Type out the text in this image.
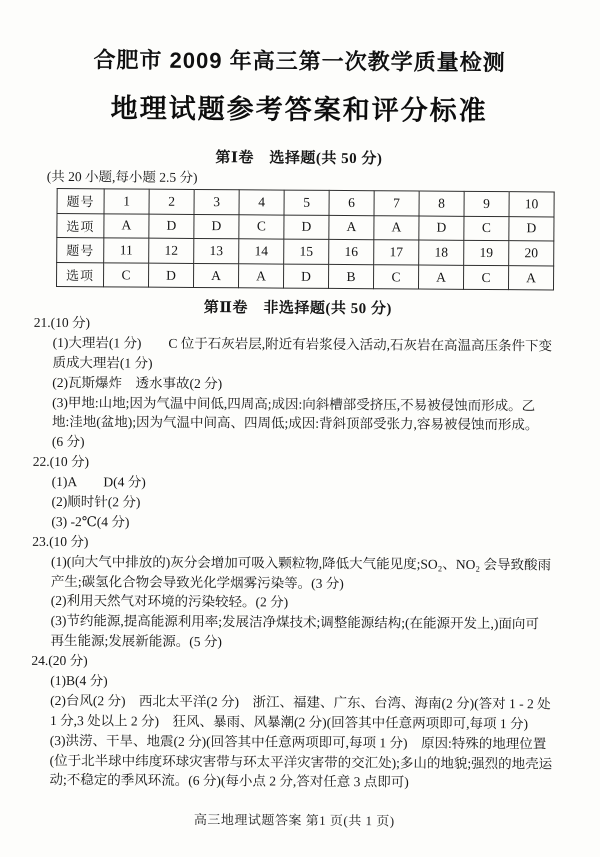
合肥市 2009 年高三第一次教学质量检测
地理试题参考答案和评分标准
第Ⅰ卷　选择题(共 50 分)
(共 20 小题,每小题 2.5 分)
题号	1	2	3	4	5	6	7	8	9	10
选项	A	D	D	C	D	A	A	D	C	D
题号	11	12	13	14	15	16	17	18	19	20
选项	C	D	A	A	D	B	C	A	C	A
第Ⅱ卷　非选择题(共 50 分)
21.(10 分)
(1)大理岩(1 分)　　C 位于石灰岩层,附近有岩浆侵入活动,石灰岩在高温高压条件下变
质成大理岩(1 分)
(2)瓦斯爆炸　透水事故(2 分)
(3)甲地:山地;因为气温中间低,四周高;成因:向斜槽部受挤压,不易被侵蚀而形成。乙
地:洼地(盆地);因为气温中间高、四周低;成因:背斜顶部受张力,容易被侵蚀而形成。
(6 分)
22.(10 分)
(1)A　　D(4 分)
(2)顺时针(2 分)
(3) -2℃(4 分)
23.(10 分)
(1)(向大气中排放的)灰分会增加可吸入颗粒物,降低大气能见度;SO₂、NO₂ 会导致酸雨
产生;碳氢化合物会导致光化学烟雾污染等。(3 分)
(2)利用天然气对环境的污染较轻。(2 分)
(3)节约能源,提高能源利用率;发展洁净煤技术;调整能源结构;(在能源开发上,)面向可
再生能源;发展新能源。(5 分)
24.(20 分)
(1)B(4 分)
(2)台风(2 分)　西北太平洋(2 分)　浙江、福建、广东、台湾、海南(2 分)(答对 1 - 2 处
1 分,3 处以上 2 分)　狂风、暴雨、风暴潮(2 分)(回答其中任意两项即可,每项 1 分)
(3)洪涝、干旱、地震(2 分)(回答其中任意两项即可,每项 1 分)　原因:特殊的地理位置
(位于北半球中纬度环球灾害带与环太平洋灾害带的交汇处);多山的地貌;强烈的地壳运
动;不稳定的季风环流。(6 分)(每小点 2 分,答对任意 3 点即可)
高三地理试题答案 第1 页(共 1 页)
